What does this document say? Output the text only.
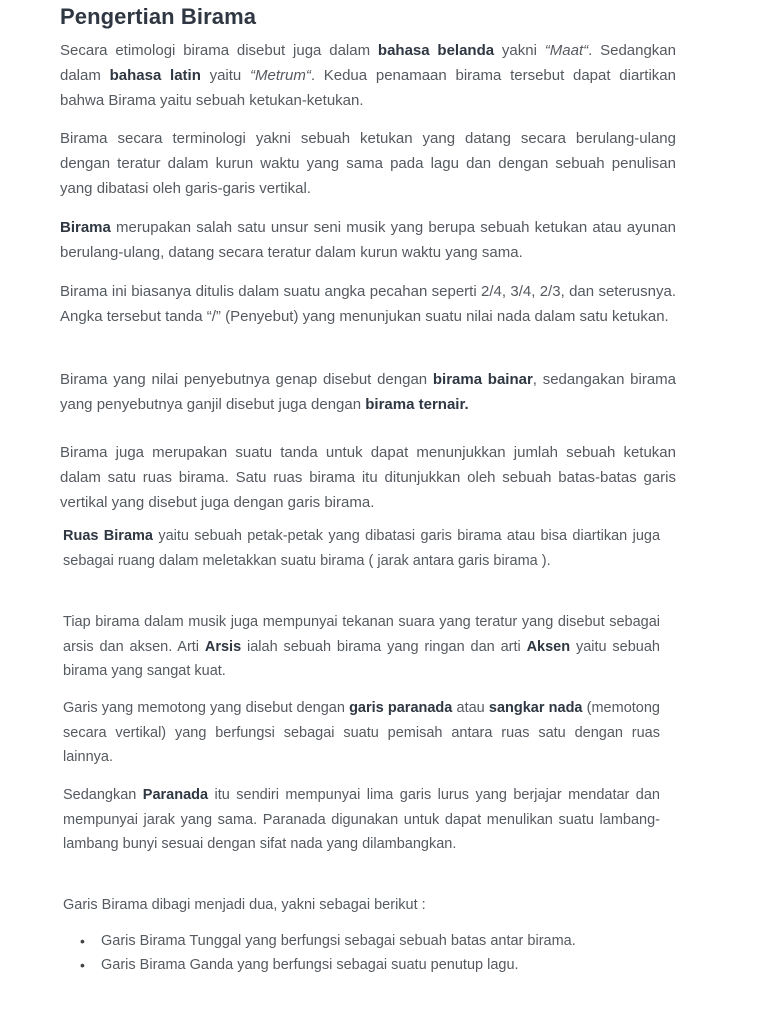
Pengertian Birama

Secara etimologi birama disebut juga dalam bahasa belanda yakni “Maat“. Sedangkan dalam bahasa latin yaitu “Metrum“. Kedua penamaan birama tersebut dapat diartikan bahwa Birama yaitu sebuah ketukan-ketukan.

Birama secara terminologi yakni sebuah ketukan yang datang secara berulang-ulang dengan teratur dalam kurun waktu yang sama pada lagu dan dengan sebuah penulisan yang dibatasi oleh garis-garis vertikal.

Birama merupakan salah satu unsur seni musik yang berupa sebuah ketukan atau ayunan berulang-ulang, datang secara teratur dalam kurun waktu yang sama.

Birama ini biasanya ditulis dalam suatu angka pecahan seperti 2/4, 3/4, 2/3, dan seterusnya. Angka tersebut tanda “/” (Penyebut) yang menunjukan suatu nilai nada dalam satu ketukan.

Birama yang nilai penyebutnya genap disebut dengan birama bainar, sedangakan birama yang penyebutnya ganjil disebut juga dengan birama ternair.

Birama juga merupakan suatu tanda untuk dapat menunjukkan jumlah sebuah ketukan dalam satu ruas birama. Satu ruas birama itu ditunjukkan oleh sebuah batas-batas garis vertikal yang disebut juga dengan garis birama.

Ruas Birama yaitu sebuah petak-petak yang dibatasi garis birama atau bisa diartikan juga sebagai ruang dalam meletakkan suatu birama ( jarak antara garis birama ).

Tiap birama dalam musik juga mempunyai tekanan suara yang teratur yang disebut sebagai arsis dan aksen. Arti Arsis ialah sebuah birama yang ringan dan arti Aksen yaitu sebuah birama yang sangat kuat.

Garis yang memotong yang disebut dengan garis paranada atau sangkar nada (memotong secara vertikal) yang berfungsi sebagai suatu pemisah antara ruas satu dengan ruas lainnya.

Sedangkan Paranada itu sendiri mempunyai lima garis lurus yang berjajar mendatar dan mempunyai jarak yang sama. Paranada digunakan untuk dapat menulikan suatu lambang-lambang bunyi sesuai dengan sifat nada yang dilambangkan.

Garis Birama dibagi menjadi dua, yakni sebagai berikut :

• Garis Birama Tunggal yang berfungsi sebagai sebuah batas antar birama.
• Garis Birama Ganda yang berfungsi sebagai suatu penutup lagu.
